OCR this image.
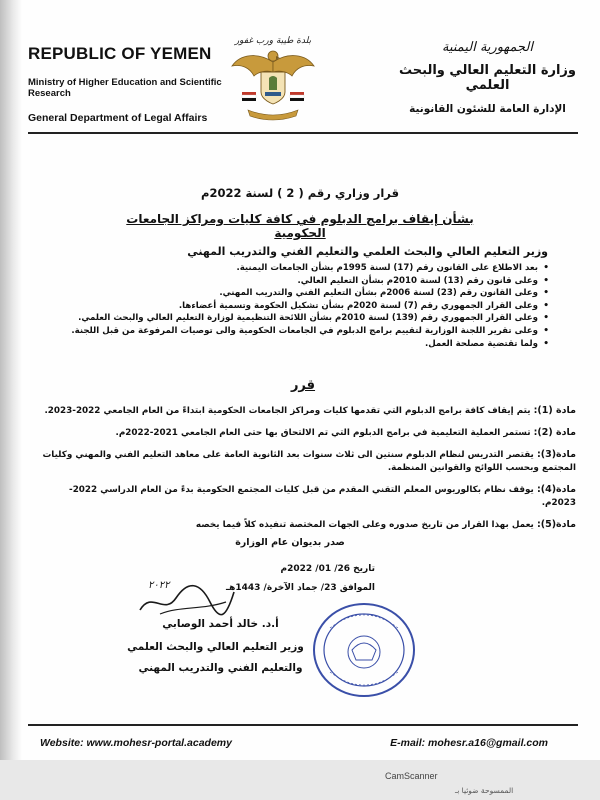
REPUBLIC OF YEMEN
Ministry of Higher Education and Scientific Research
General Department of Legal Affairs
بلدة طيبة ورب غفور	الجمهورية اليمنية
وزارة التعليم العالي والبحث العلمي
الإدارة العامة للشئون القانونية
قرار وزاري رقم ( 2 ) لسنة 2022م
بشأن إيقاف برامج الدبلوم في كافة كليات ومراكز الجامعات الحكومية
وزير التعليم العالي والبحث العلمي والتعليم الفني والتدريب المهني
• بعد الاطلاع على القانون رقم (17) لسنة 1995م بشأن الجامعات اليمنية.
• وعلى قانون رقم (13) لسنة 2010م بشأن التعليم العالي.
• وعلى القانون رقم (23) لسنة 2006م بشأن التعليم الفني والتدريب المهني.
• وعلى القرار الجمهوري رقم (7) لسنة 2020م بشأن تشكيل الحكومة وتسمية أعضاءها.
• وعلى القرار الجمهوري رقم (139) لسنة 2010م بشأن اللائحة التنظيمية لوزارة التعليم العالي والبحث العلمي.
• وعلى تقرير اللجنة الوزارية لتقييم برامج الدبلوم في الجامعات الحكومية والى توصيات المرفوعة من قبل اللجنة.
• ولما تقتضية مصلحة العمل.
قرر
مادة (1): يتم إيقاف كافة برامج الدبلوم التي تقدمها كليات ومراكز الجامعات الحكومية ابتداءً من العام الجامعي 2022-2023.
مادة (2): تستمر العملية التعليمية في برامج الدبلوم التي تم الالتحاق بها حتى العام الجامعي 2021-2022م.
مادة(3): يقتصر التدريس لنظام الدبلوم سنتين الى ثلاث سنوات بعد الثانوية العامة على معاهد التعليم الفني والمهني وكليات المجتمع وبحسب اللوائح والقوانين المنظمة.
مادة(4): يوقف نظام بكالوريوس المعلم التقني المقدم من قبل كليات المجتمع الحكومية بدءً من العام الدراسي 2022-2023م.
مادة(5): يعمل بهذا القرار من تاريخ صدوره وعلى الجهات المختصة تنفيذه كلاً فيما يخصه
صدر بديوان عام الوزارة
تاريخ 26/ 01/ 2022م
الموافق 23/ جماد الآخرة/ 1443هـ
٢٠٢٢
أ.د. خالد أحمد الوصابي
وزير التعليم العالي والبحث العلمي
والتعليم الفني والتدريب المهني
Website: www.mohesr-portal.academy	E-mail: mohesr.a16@gmail.com
CamScanner
الممسوحة ضوئيا بـ
